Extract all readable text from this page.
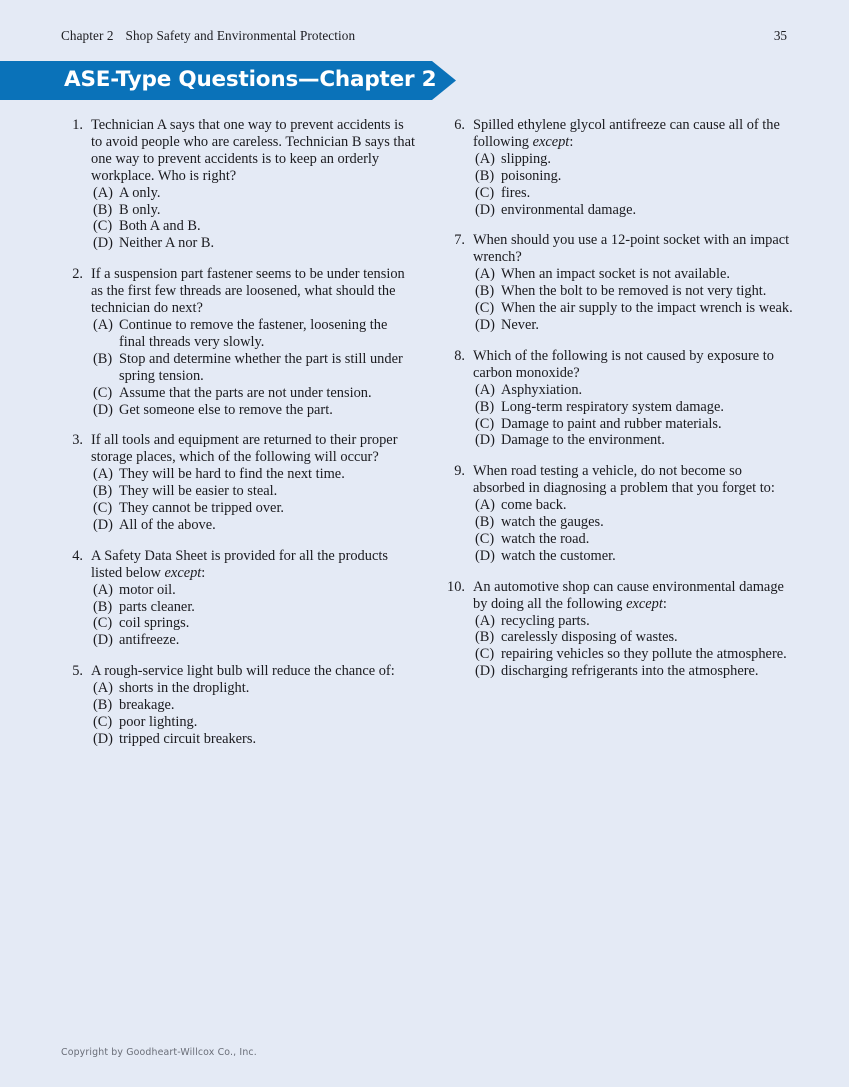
Chapter 2 Shop Safety and Environmental Protection	35
ASE-Type Questions—Chapter 2
1. Technician A says that one way to prevent accidents is to avoid people who are careless. Technician B says that one way to prevent accidents is to keep an orderly workplace. Who is right?
(A) A only.
(B) B only.
(C) Both A and B.
(D) Neither A nor B.
2. If a suspension part fastener seems to be under tension as the first few threads are loosened, what should the technician do next?
(A) Continue to remove the fastener, loosening the final threads very slowly.
(B) Stop and determine whether the part is still under spring tension.
(C) Assume that the parts are not under tension.
(D) Get someone else to remove the part.
3. If all tools and equipment are returned to their proper storage places, which of the following will occur?
(A) They will be hard to find the next time.
(B) They will be easier to steal.
(C) They cannot be tripped over.
(D) All of the above.
4. A Safety Data Sheet is provided for all the products listed below except:
(A) motor oil.
(B) parts cleaner.
(C) coil springs.
(D) antifreeze.
5. A rough-service light bulb will reduce the chance of:
(A) shorts in the droplight.
(B) breakage.
(C) poor lighting.
(D) tripped circuit breakers.
6. Spilled ethylene glycol antifreeze can cause all of the following except:
(A) slipping.
(B) poisoning.
(C) fires.
(D) environmental damage.
7. When should you use a 12-point socket with an impact wrench?
(A) When an impact socket is not available.
(B) When the bolt to be removed is not very tight.
(C) When the air supply to the impact wrench is weak.
(D) Never.
8. Which of the following is not caused by exposure to carbon monoxide?
(A) Asphyxiation.
(B) Long-term respiratory system damage.
(C) Damage to paint and rubber materials.
(D) Damage to the environment.
9. When road testing a vehicle, do not become so absorbed in diagnosing a problem that you forget to:
(A) come back.
(B) watch the gauges.
(C) watch the road.
(D) watch the customer.
10. An automotive shop can cause environmental damage by doing all the following except:
(A) recycling parts.
(B) carelessly disposing of wastes.
(C) repairing vehicles so they pollute the atmosphere.
(D) discharging refrigerants into the atmosphere.
Copyright by Goodheart-Willcox Co., Inc.
